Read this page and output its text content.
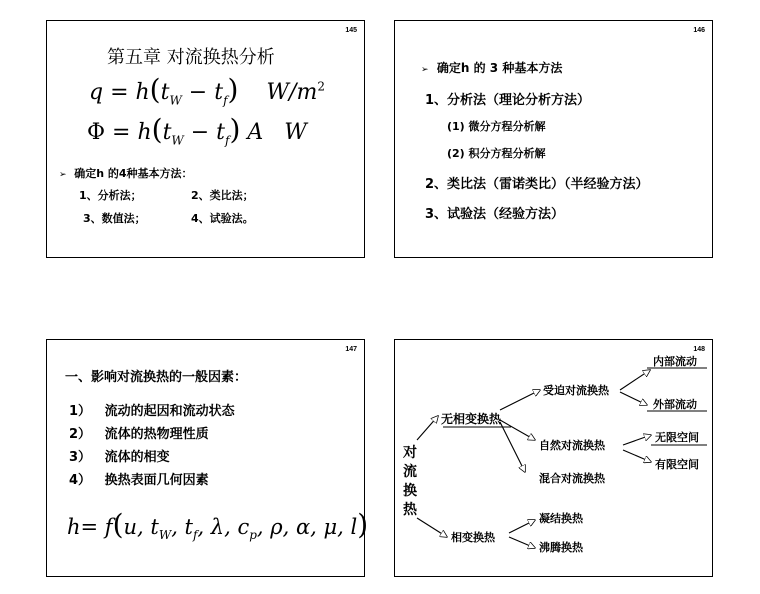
145
第五章 对流换热分析
$q = h(t_W - t_f)$    $W/m^2$
$\Phi = h(t_W - t_f)$ A   W
➢ 确定h 的4种基本方法：
1、分析法；	2、类比法；
3、数值法；	4、试验法。
146
➢ 确定h 的 3 种基本方法
1、分析法（理论分析方法）
(1) 微分方程分析解
(2) 积分方程分析解
2、类比法（雷诺类比）（半经验方法）
3、试验法（经验方法）
147
一、影响对流换热的一般因素：
1） 流动的起因和流动状态
2） 流体的热物理性质
3） 流体的相变
4） 换热表面几何因素
h= f(u, $t_W$, $t_f$, λ, $c_p$, ρ, α, μ, l)
148
对流换热
无相变换热
相变换热
受迫对流换热
自然对流换热
混合对流换热
内部流动
外部流动
无限空间
有限空间
凝结换热
沸腾换热
